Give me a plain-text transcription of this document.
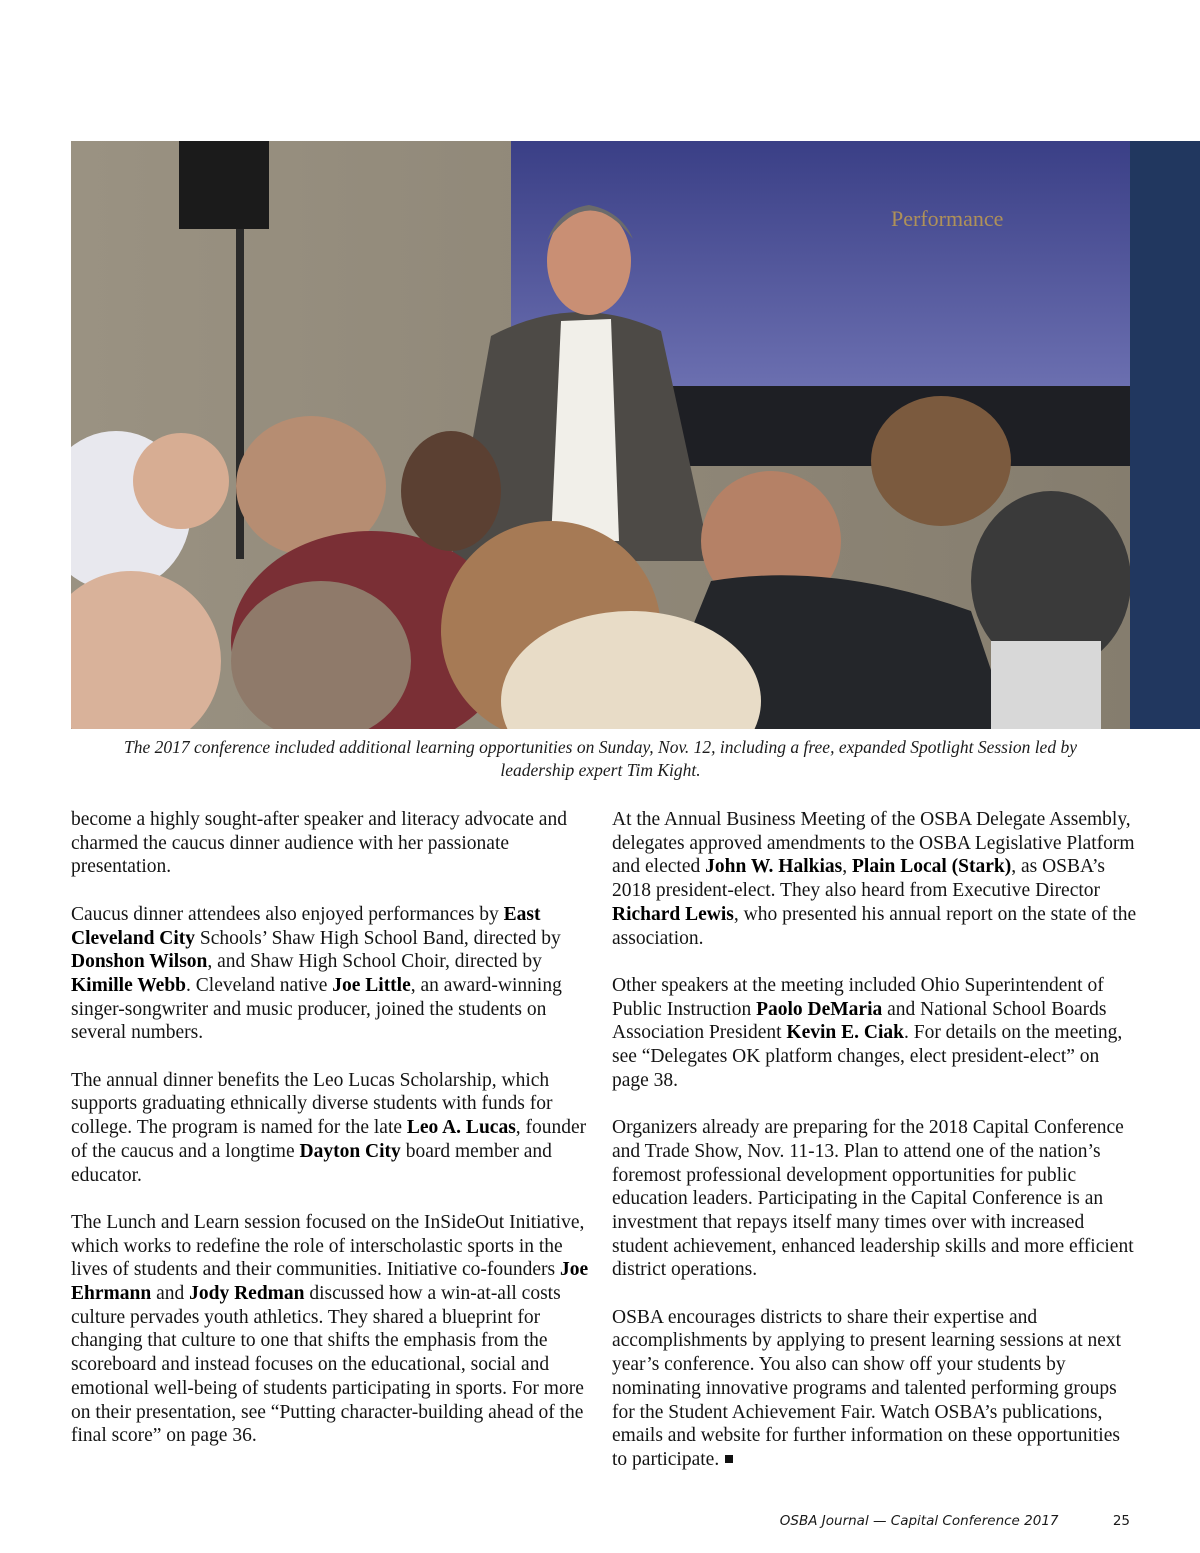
Performance
The 2017 conference included additional learning opportunities on Sunday, Nov. 12, including a free, expanded Spotlight Session led by
leadership expert Tim Kight.

become a highly sought-after speaker and literacy advocate and charmed the caucus dinner audience with her passionate presentation.

Caucus dinner attendees also enjoyed performances by East Cleveland City Schools’ Shaw High School Band, directed by Donshon Wilson, and Shaw High School Choir, directed by Kimille Webb. Cleveland native Joe Little, an award-winning singer-songwriter and music producer, joined the students on several numbers.

The annual dinner benefits the Leo Lucas Scholarship, which supports graduating ethnically diverse students with funds for college. The program is named for the late Leo A. Lucas, founder of the caucus and a longtime Dayton City board member and educator.

The Lunch and Learn session focused on the InSideOut Initiative, which works to redefine the role of interscholastic sports in the lives of students and their communities. Initiative co-founders Joe Ehrmann and Jody Redman discussed how a win-at-all costs culture pervades youth athletics. They shared a blueprint for changing that culture to one that shifts the emphasis from the scoreboard and instead focuses on the educational, social and emotional well-being of students participating in sports. For more on their presentation, see “Putting character-building ahead of the final score” on page 36.

At the Annual Business Meeting of the OSBA Delegate Assembly, delegates approved amendments to the OSBA Legislative Platform and elected John W. Halkias, Plain Local (Stark), as OSBA’s 2018 president-elect. They also heard from Executive Director Richard Lewis, who presented his annual report on the state of the association.

Other speakers at the meeting included Ohio Superintendent of Public Instruction Paolo DeMaria and National School Boards Association President Kevin E. Ciak. For details on the meeting, see “Delegates OK platform changes, elect president-elect” on page 38.

Organizers already are preparing for the 2018 Capital Conference and Trade Show, Nov. 11-13. Plan to attend one of the nation’s foremost professional development opportunities for public education leaders. Participating in the Capital Conference is an investment that repays itself many times over with increased student achievement, enhanced leadership skills and more efficient district operations.

OSBA encourages districts to share their expertise and accomplishments by applying to present learning sessions at next year’s conference. You also can show off your students by nominating innovative programs and talented performing groups for the Student Achievement Fair. Watch OSBA’s publications, emails and website for further information on these opportunities to participate.

OSBA Journal — Capital Conference 2017	25
